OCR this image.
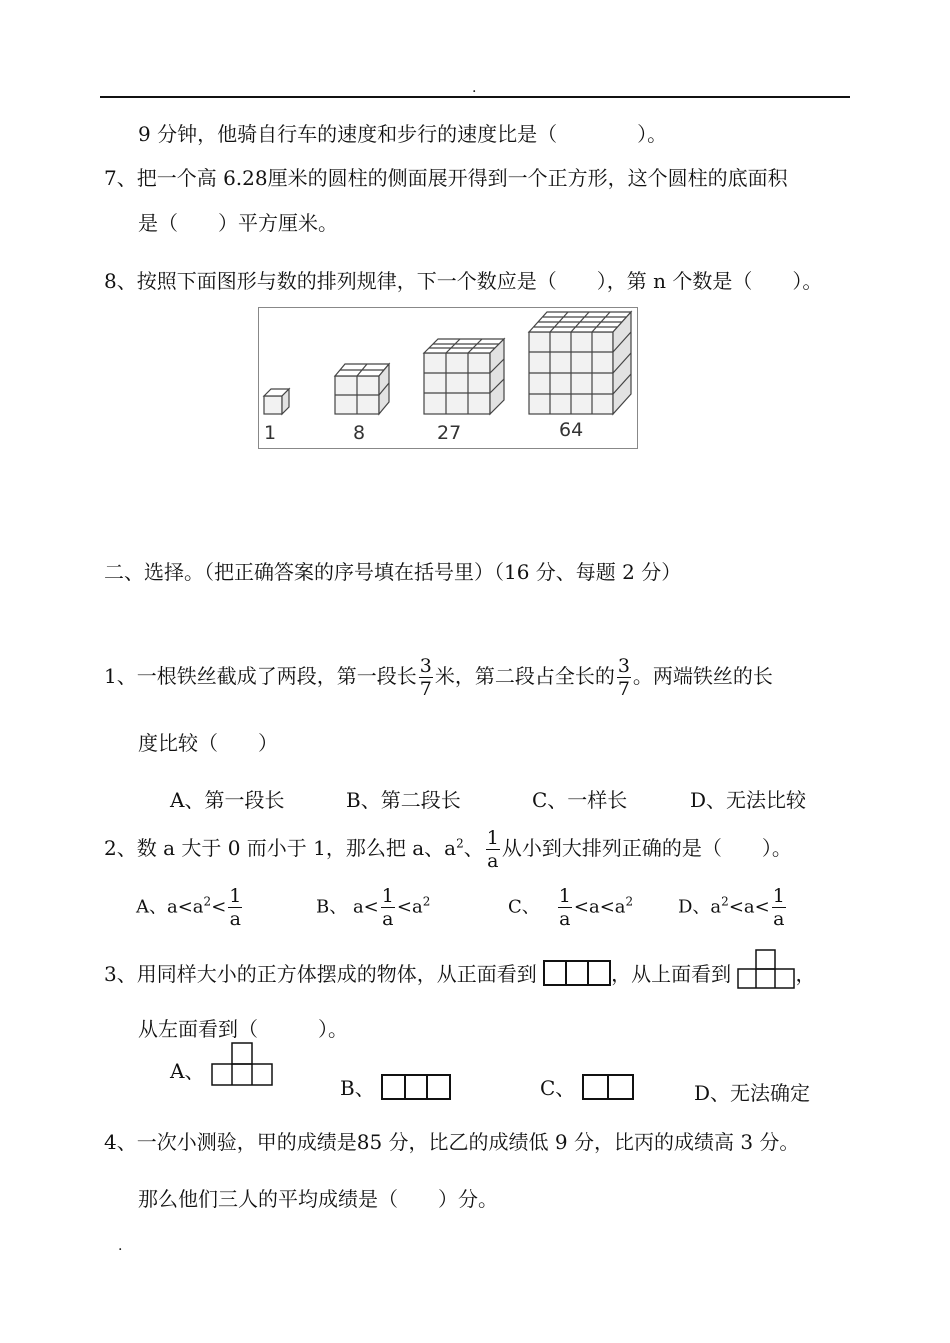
.
9 分钟，他骑自行车的速度和步行的速度比是（　　　　）。
7、把一个高 6.28厘米的圆柱的侧面展开得到一个正方形，这个圆柱的底面积
是（　　）平方厘米。
8、按照下面图形与数的排列规律，下一个数应是（　　），第 n 个数是（　　）。
1	8	27	64
二、选择。（把正确答案的序号填在括号里）（16 分、每题 2 分）
1、一根铁丝截成了两段，第一段长 $\frac{3}{7}$ 米，第二段占全长的 $\frac{3}{7}$ 。两端铁丝的长
度比较（　　）
A、第一段长	B、第二段长	C、一样长	D、无法比较
2、数 a 大于 0 而小于 1，那么把 a、$a^2$、 $\frac{1}{a}$ 从小到大排列正确的是（　　）。
A、$a<a^2< \frac{1}{a}$	B、 $a< \frac{1}{a} <a^2$	C、 $\frac{1}{a} <a<a^2$ D、$a^2<a< \frac{1}{a}$
3、用同样大小的正方体摆成的物体，从正面看到	，从上面看到	，
从左面看到（　　　）。
A、
B、	C、	D、无法确定
4、一次小测验，甲的成绩是85 分，比乙的成绩低 9 分，比丙的成绩高 3 分。
那么他们三人的平均成绩是（　　）分。
.
